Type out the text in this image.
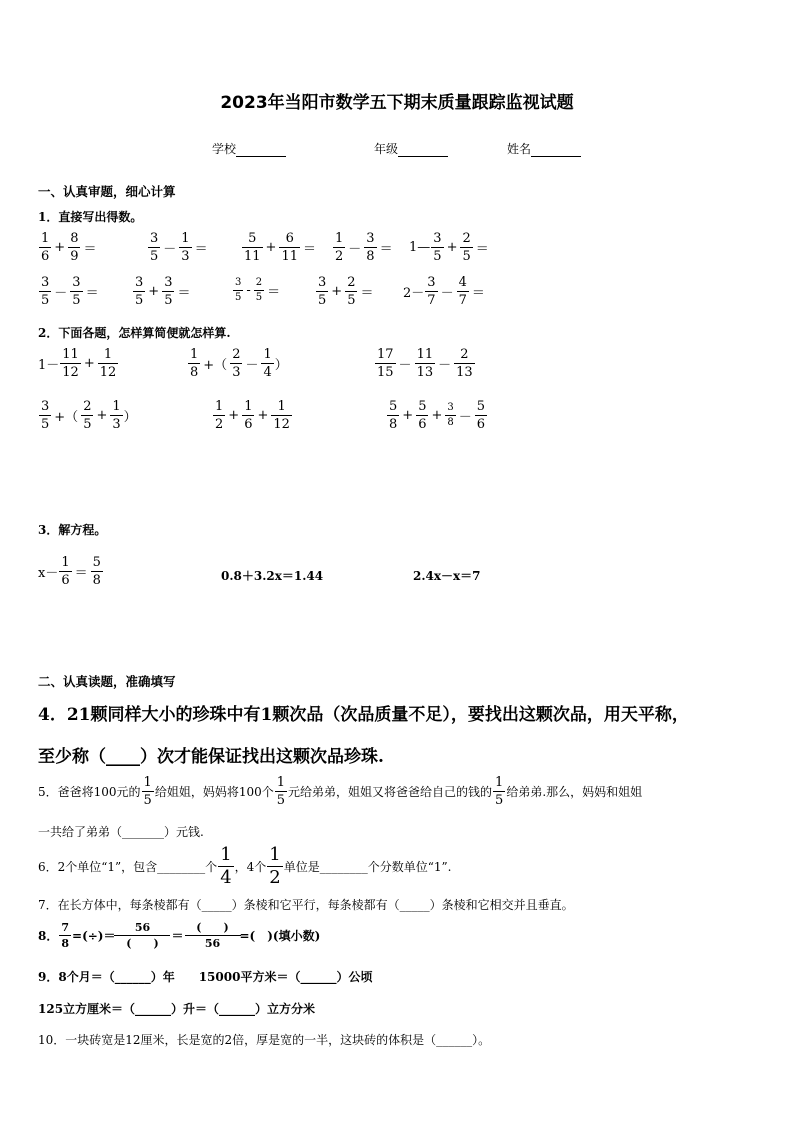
2023年当阳市数学五下期末质量跟踪监视试题
学校	年级	姓名
一、认真审题，细心计算
1．直接写出得数。
$\frac{1}{6} + \frac{8}{9}$ ＝	$\frac{3}{5} - \frac{1}{3}$ ＝	$\frac{5}{11} + \frac{6}{11} = \frac{1}{2} - \frac{3}{8}$ ＝ 1— $\frac{3}{5} + \frac{2}{5}$ ＝
$\frac{3}{5} - \frac{3}{5}$ ＝	$\frac{3}{5} + \frac{3}{5}$ ＝	$\frac{3}{5} - \frac{2}{5}$ ＝	$\frac{3}{5} + \frac{2}{5} = 2- \frac{3}{7} - \frac{4}{7}$ ＝
2．下面各题，怎样算简便就怎样算.
$1- \frac{11}{12} + \frac{1}{12}$	$\frac{1}{8}$ +（ $\frac{2}{3} - \frac{1}{4}$ ）	$\frac{17}{15} - \frac{11}{13} - \frac{2}{13}$
$\frac{3}{5}$ +（ $\frac{2}{5} + \frac{1}{3}$ ）	$\frac{1}{2} + \frac{1}{6} + \frac{1}{12}$	$\frac{5}{8} + \frac{5}{6} + \frac{3}{8} - \frac{5}{6}$
3．解方程。
$x- \frac{1}{6} = \frac{5}{8}$	0.8＋3.2x＝1.44	2.4x－x＝7
二、认真读题，准确填写
4．21颗同样大小的珍珠中有1颗次品（次品质量不足），要找出这颗次品，用天平称，
至少称（____）次才能保证找出这颗次品珍珠.
5．爸爸将100元的 $\frac{1}{5}$ 给姐姐，妈妈将100个 $\frac{1}{5}$ 元给弟弟，姐姐又将爸爸给自己的钱的 $\frac{1}{5}$ 给弟弟.那么，妈妈和姐姐
一共给了弟弟（_______）元钱.
6．2个单位“1”，包含________个 $\frac{1}{4}$ ，4个 $\frac{1}{2}$ 单位是________个分数单位“1”.
7．在长方体中，每条棱都有（_____）条棱和它平行，每条棱都有（_____）条棱和它相交并且垂直。
8． $\frac{7}{8}$ =(÷)＝ $\frac{56}{( )} = \frac{( )}{56}$ =(　)(填小数)
9．8个月＝（______）年　　15000平方米＝（______）公顷
125立方厘米＝（______）升＝（______）立方分米
10．一块砖宽是12厘米，长是宽的2倍，厚是宽的一半，这块砖的体积是（______）。
